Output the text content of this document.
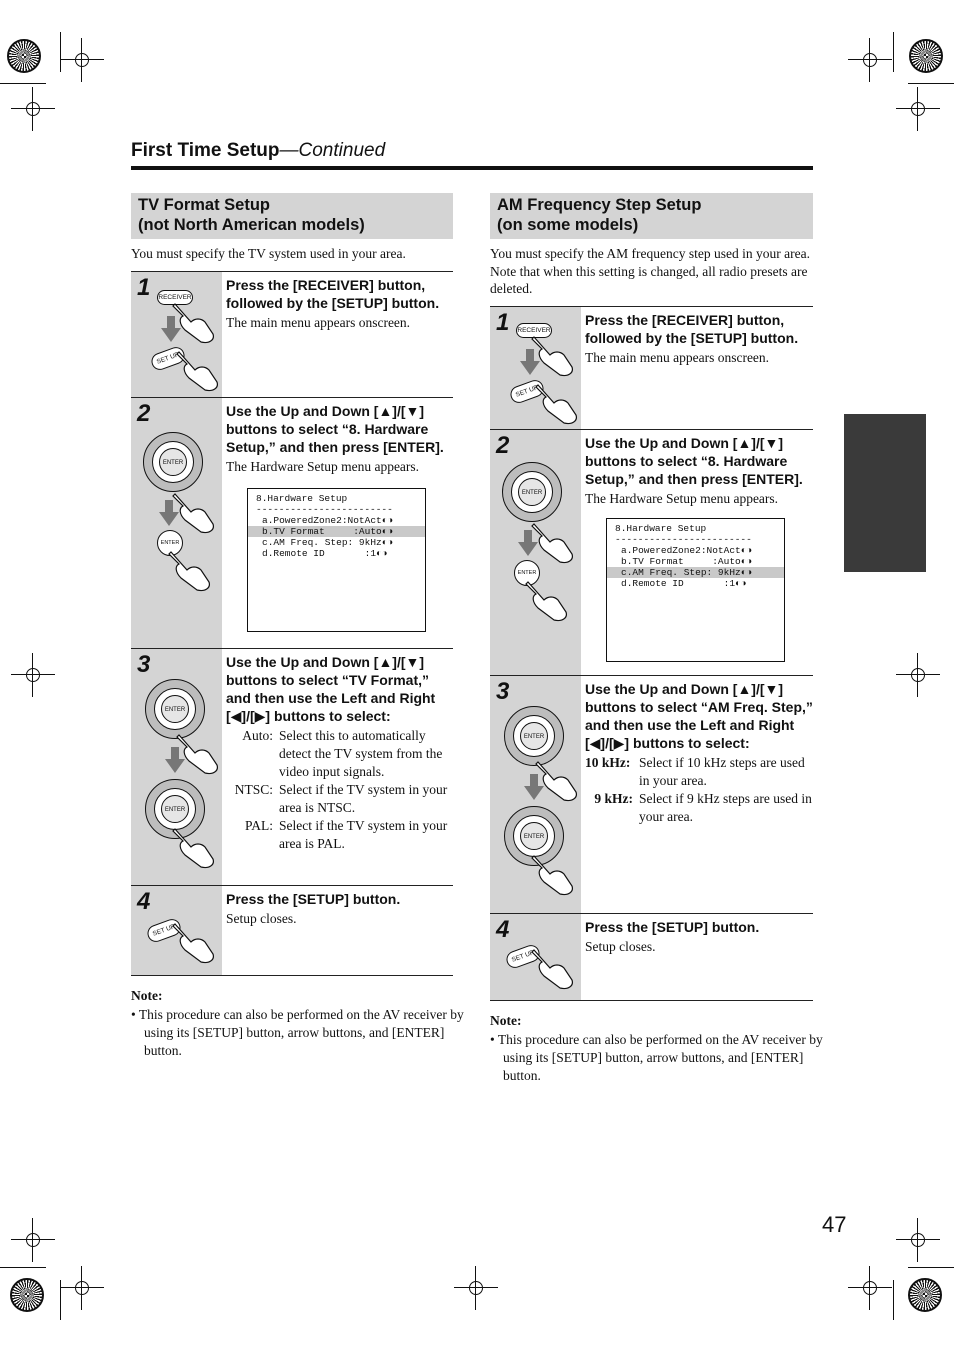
First Time Setup—Continued
47
TV Format Setup
(not North American models)
You must specify the TV system used in your area.
1 RECEIVER
SET UP
Press the [RECEIVER] button, followed by the [SETUP] button.
The main menu appears onscreen.
2
ENTER
ENTER
Use the Up and Down [▲]/[▼] buttons to select “8. Hardware Setup,” and then press [ENTER].
The Hardware Setup menu appears.
8.Hardware Setup
------------------------
a.PoweredZone2:NotAct◐◑
b.TV Format     :Auto◐◑
c.AM Freq. Step: 9kHz◐◑
d.Remote ID       :1◐◑
3
ENTER
ENTER
Use the Up and Down [▲]/[▼] buttons to select “TV Format,” and then use the Left and Right [◀]/[▶] buttons to select:
Auto: Select this to automatically detect the TV system from the video input signals.
NTSC: Select if the TV system in your area is NTSC.
PAL: Select if the TV system in your area is PAL.
4
SET UP
Press the [SETUP] button.
Setup closes.
Note:
• This procedure can also be performed on the AV receiver by using its [SETUP] button, arrow buttons, and [ENTER] button.
AM Frequency Step Setup
(on some models)
You must specify the AM frequency step used in your area. Note that when this setting is changed, all radio presets are deleted.
1 RECEIVER
SET UP
Press the [RECEIVER] button, followed by the [SETUP] button.
The main menu appears onscreen.
2
ENTER
ENTER
Use the Up and Down [▲]/[▼] buttons to select “8. Hardware Setup,” and then press [ENTER].
The Hardware Setup menu appears.
8.Hardware Setup
------------------------
a.PoweredZone2:NotAct◐◑
b.TV Format     :Auto◐◑
c.AM Freq. Step: 9kHz◐◑
d.Remote ID       :1◐◑
3
ENTER
ENTER
Use the Up and Down [▲]/[▼] buttons to select “AM Freq. Step,” and then use the Left and Right [◀]/[▶] buttons to select:
10 kHz: Select if 10 kHz steps are used in your area.
9 kHz: Select if 9 kHz steps are used in your area.
4
SET UP
Press the [SETUP] button.
Setup closes.
Note:
• This procedure can also be performed on the AV receiver by using its [SETUP] button, arrow buttons, and [ENTER] button.
